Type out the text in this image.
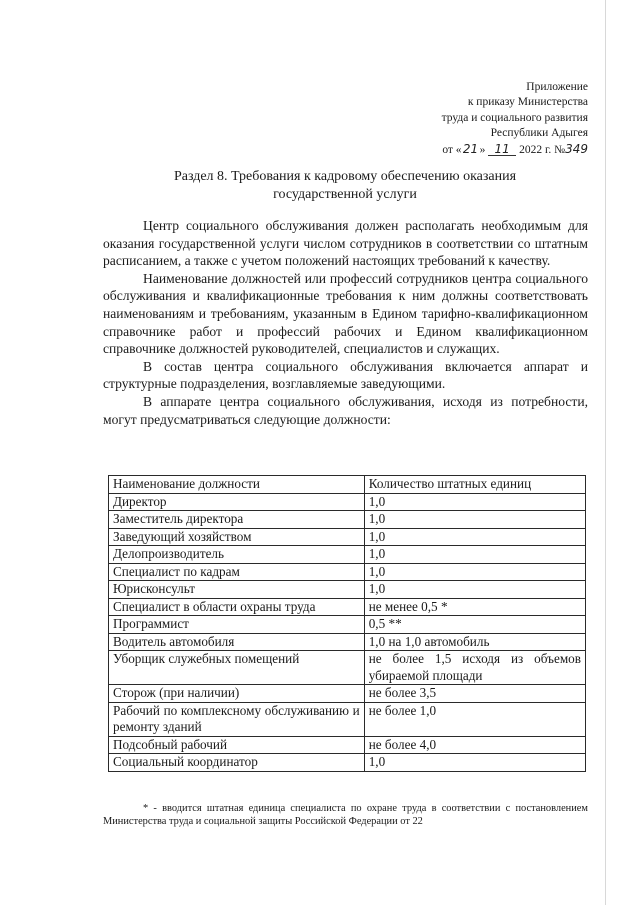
Приложение
к приказу Министерства
труда и социального развития
Республики Адыгея
от «21» 11 2022 г. №349
Раздел 8. Требования к кадровому обеспечению оказания
государственной услуги

Центр социального обслуживания должен располагать необходимым для оказания государственной услуги числом сотрудников в соответствии со штатным расписанием, а также с учетом положений настоящих требований к качеству.

Наименование должностей или профессий сотрудников центра социального обслуживания и квалификационные требования к ним должны соответствовать наименованиям и требованиям, указанным в Едином тарифно-квалификационном справочнике работ и профессий рабочих и Едином квалификационном справочнике должностей руководителей, специалистов и служащих.

В состав центра социального обслуживания включается аппарат и структурные подразделения, возглавляемые заведующими.

В аппарате центра социального обслуживания, исходя из потребности, могут предусматриваться следующие должности:

Наименование должности	Количество штатных единиц
Директор	1,0
Заместитель директора	1,0
Заведующий хозяйством	1,0
Делопроизводитель	1,0
Специалист по кадрам	1,0
Юрисконсульт	1,0
Специалист в области охраны труда	не менее 0,5 *
Программист	0,5 **
Водитель автомобиля	1,0 на 1,0 автомобиль
Уборщик служебных помещений	не более 1,5 исходя из объемов убираемой площади
Сторож (при наличии)	не более 3,5
Рабочий по комплексному обслуживанию и ремонту зданий	не более 1,0
Подсобный рабочий	не более 4,0
Социальный координатор	1,0

* - вводится штатная единица специалиста по охране труда в соответствии с постановлением Министерства труда и социальной защиты Российской Федерации от 22
